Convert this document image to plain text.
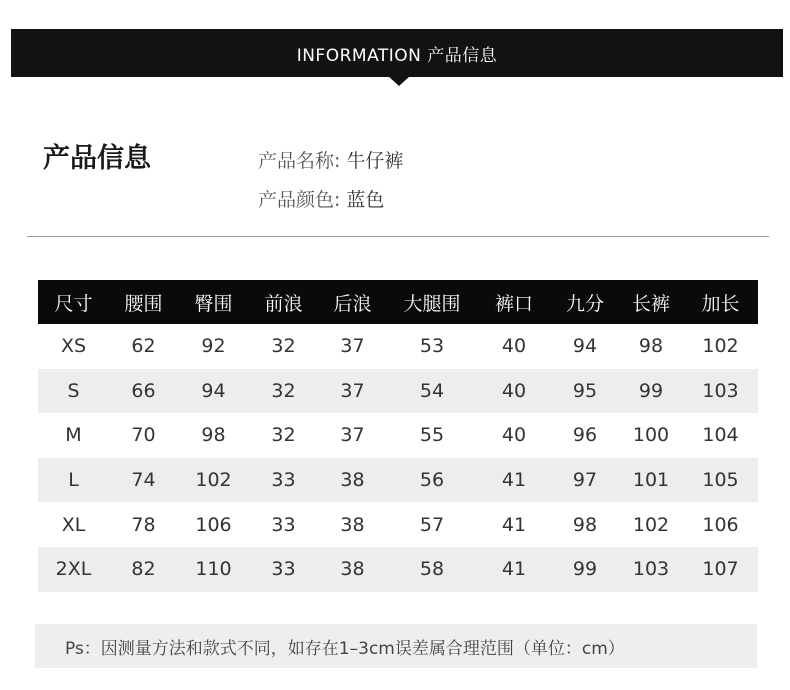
INFORMATION 产品信息
产品信息	产品名称: 牛仔裤
产品颜色: 蓝色
尺寸	腰围	臀围	前浪	后浪	大腿围	裤口	九分	长裤	加长
XS	62	92	32	37	53	40	94	98	102
S	66	94	32	37	54	40	95	99	103
M	70	98	32	37	55	40	96	100	104
L	74	102	33	38	56	41	97	101	105
XL	78	106	33	38	57	41	98	102	106
2XL	82	110	33	38	58	41	99	103	107
Ps：因测量方法和款式不同，如存在1–3cm误差属合理范围（单位：cm）
